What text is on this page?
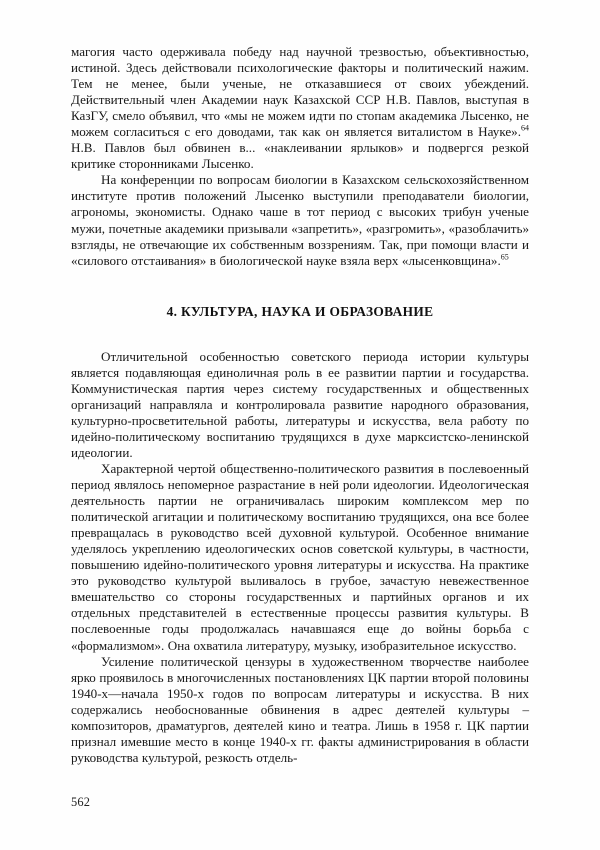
магогия часто одерживала победу над научной трезвостью, объективностью, истиной. Здесь действовали психологические факторы и политический нажим. Тем не менее, были ученые, не отказавшиеся от своих убеждений. Действительный член Академии наук Казахской ССР Н.В. Павлов, выступая в КазГУ, смело объявил, что «мы не можем идти по стопам академика Лысенко, не можем согласиться с его доводами, так как он является виталистом в Науке».$^{64}$ Н.В. Павлов был обвинен в... «наклеивании ярлыков» и подвергся резкой критике сторонниками Лысенко.

На конференции по вопросам биологии в Казахском сельскохозяйственном институте против положений Лысенко выступили преподаватели биологии, агрономы, экономисты. Однако чаше в тот период с высоких трибун ученые мужи, почетные академики призывали «запретить», «разгромить», «разоблачить» взгляды, не отвечающие их собственным воззрениям. Так, при помощи власти и «силового отстаивания» в биологической науке взяла верх «лысенковщина».$^{65}$

4. КУЛЬТУРА, НАУКА И ОБРАЗОВАНИЕ

Отличительной особенностью советского периода истории культуры является подавляющая единоличная роль в ее развитии партии и государства. Коммунистическая партия через систему государственных и общественных организаций направляла и контролировала развитие народного образования, культурно-просветительной работы, литературы и искусства, вела работу по идейно-политическому воспитанию трудящихся в духе марксистско-ленинской идеологии.

Характерной чертой общественно-политического развития в послевоенный период являлось непомерное разрастание в ней роли идеологии. Идеологическая деятельность партии не ограничивалась широким комплексом мер по политической агитации и политическому воспитанию трудящихся, она все более превращалась в руководство всей духовной культурой. Особенное внимание уделялось укреплению идеологических основ советской культуры, в частности, повышению идейно-политического уровня литературы и искусства. На практике это руководство культурой выливалось в грубое, зачастую невежественное вмешательство со стороны государственных и партийных органов и их отдельных представителей в естественные процессы развития культуры. В послевоенные годы продолжалась начавшаяся еще до войны борьба с «формализмом». Она охватила литературу, музыку, изобразительное искусство.

Усиление политической цензуры в художественном творчестве наиболее ярко проявилось в многочисленных постановлениях ЦК партии второй половины 1940-х—начала 1950-х годов по вопросам литературы и искусства. В них содержались необоснованные обвинения в адрес деятелей культуры – композиторов, драматургов, деятелей кино и театра. Лишь в 1958 г. ЦК партии признал имевшие место в конце 1940-х гг. факты администрирования в области руководства культурой, резкость отдель-

562
